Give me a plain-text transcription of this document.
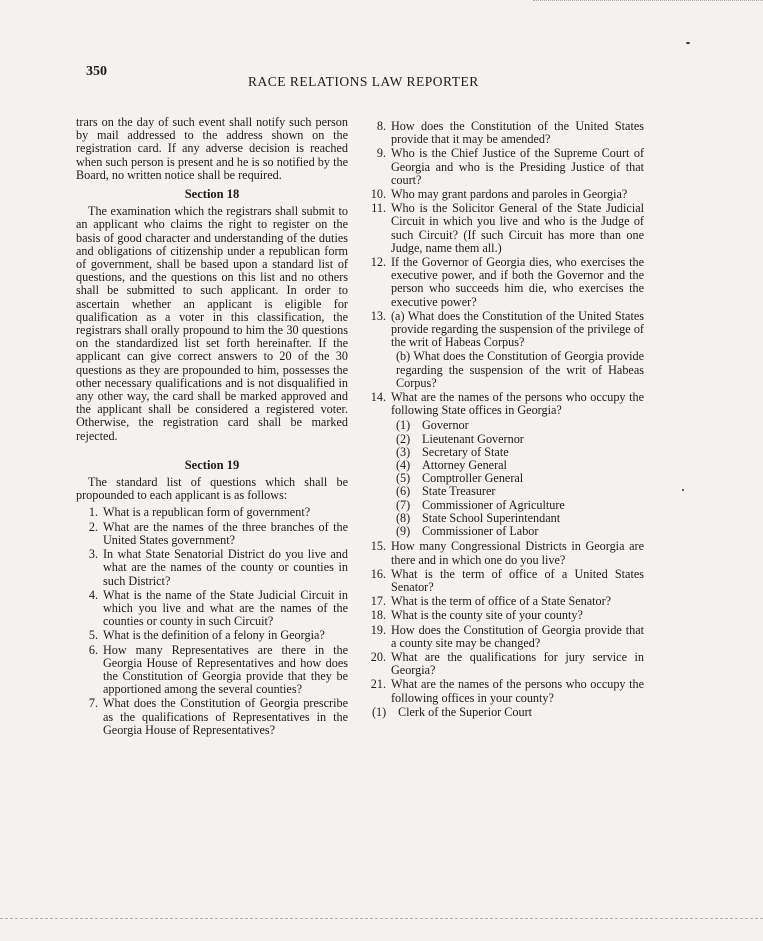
350
RACE RELATIONS LAW REPORTER

trars on the day of such event shall notify such person by mail addressed to the address shown on the registration card. If any adverse decision is reached when such person is present and he is so notified by the Board, no written notice shall be required.

Section 18

The examination which the registrars shall submit to an applicant who claims the right to register on the basis of good character and understanding of the duties and obligations of citizenship under a republican form of government, shall be based upon a standard list of questions, and the questions on this list and no others shall be submitted to such applicant. In order to ascertain whether an applicant is eligible for qualification as a voter in this classification, the registrars shall orally propound to him the 30 questions on the standardized list set forth hereinafter. If the applicant can give correct answers to 20 of the 30 questions as they are propounded to him, possesses the other necessary qualifications and is not disqualified in any other way, the card shall be marked approved and the applicant shall be considered a registered voter. Otherwise, the registration card shall be marked rejected.

Section 19

The standard list of questions which shall be propounded to each applicant is as follows:

1. What is a republican form of government?
2. What are the names of the three branches of the United States government?
3. In what State Senatorial District do you live and what are the names of the county or counties in such District?
4. What is the name of the State Judicial Circuit in which you live and what are the names of the counties or county in such Circuit?
5. What is the definition of a felony in Georgia?
6. How many Representatives are there in the Georgia House of Representatives and how does the Constitution of Georgia provide that they be apportioned among the several counties?
7. What does the Constitution of Georgia prescribe as the qualifications of Representatives in the Georgia House of Representatives?
8. How does the Constitution of the United States provide that it may be amended?
9. Who is the Chief Justice of the Supreme Court of Georgia and who is the Presiding Justice of that court?
10. Who may grant pardons and paroles in Georgia?
11. Who is the Solicitor General of the State Judicial Circuit in which you live and who is the Judge of such Circuit? (If such Circuit has more than one Judge, name them all.)
12. If the Governor of Georgia dies, who exercises the executive power, and if both the Governor and the person who succeeds him die, who exercises the executive power?
13. (a) What does the Constitution of the United States provide regarding the suspension of the privilege of the writ of Habeas Corpus?

(b) What does the Constitution of Georgia provide regarding the suspension of the writ of Habeas Corpus?

14. What are the names of the persons who occupy the following State offices in Georgia?
(1) Governor
(2) Lieutenant Governor
(3) Secretary of State
(4) Attorney General
(5) Comptroller General
(6) State Treasurer
(7) Commissioner of Agriculture
(8) State School Superintendant
(9) Commissioner of Labor
15. How many Congressional Districts in Georgia are there and in which one do you live?
16. What is the term of office of a United States Senator?
17. What is the term of office of a State Senator?
18. What is the county site of your county?
19. How does the Constitution of Georgia provide that a county site may be changed?
20. What are the qualifications for jury service in Georgia?
21. What are the names of the persons who occupy the following offices in your county?
(1) Clerk of the Superior Court
